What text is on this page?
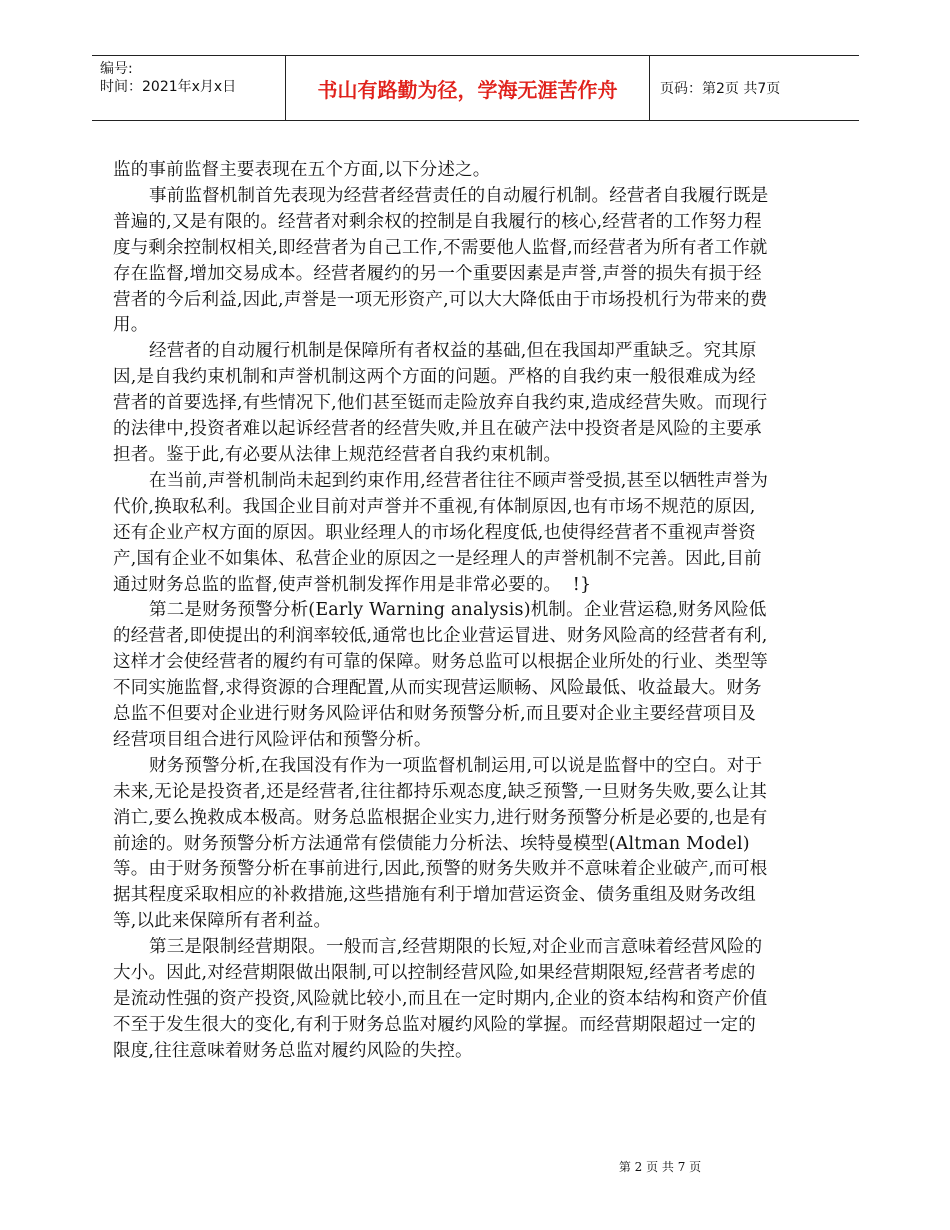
编号:
时间：2021年x月x日	书山有路勤为径，学海无涯苦作舟	页码：第2页 共7页

监的事前监督主要表现在五个方面,以下分述之。

事前监督机制首先表现为经营者经营责任的自动履行机制。经营者自我履行既是普遍的,又是有限的。经营者对剩余权的控制是自我履行的核心,经营者的工作努力程度与剩余控制权相关,即经营者为自己工作,不需要他人监督,而经营者为所有者工作就存在监督,增加交易成本。经营者履约的另一个重要因素是声誉,声誉的损失有损于经营者的今后利益,因此,声誉是一项无形资产,可以大大降低由于市场投机行为带来的费用。

经营者的自动履行机制是保障所有者权益的基础,但在我国却严重缺乏。究其原因,是自我约束机制和声誉机制这两个方面的问题。严格的自我约束一般很难成为经营者的首要选择,有些情况下,他们甚至铤而走险放弃自我约束,造成经营失败。而现行的法律中,投资者难以起诉经营者的经营失败,并且在破产法中投资者是风险的主要承担者。鉴于此,有必要从法律上规范经营者自我约束机制。

在当前,声誉机制尚未起到约束作用,经营者往往不顾声誉受损,甚至以牺牲声誉为代价,换取私利。我国企业目前对声誉并不重视,有体制原因,也有市场不规范的原因,还有企业产权方面的原因。职业经理人的市场化程度低,也使得经营者不重视声誉资产,国有企业不如集体、私营企业的原因之一是经理人的声誉机制不完善。因此,目前通过财务总监的监督,使声誉机制发挥作用是非常必要的。  !}

第二是财务预警分析(Early Warning analysis)机制。企业营运稳,财务风险低的经营者,即使提出的利润率较低,通常也比企业营运冒进、财务风险高的经营者有利,这样才会使经营者的履约有可靠的保障。财务总监可以根据企业所处的行业、类型等不同实施监督,求得资源的合理配置,从而实现营运顺畅、风险最低、收益最大。财务总监不但要对企业进行财务风险评估和财务预警分析,而且要对企业主要经营项目及经营项目组合进行风险评估和预警分析。

财务预警分析,在我国没有作为一项监督机制运用,可以说是监督中的空白。对于未来,无论是投资者,还是经营者,往往都持乐观态度,缺乏预警,一旦财务失败,要么让其消亡,要么挽救成本极高。财务总监根据企业实力,进行财务预警分析是必要的,也是有前途的。财务预警分析方法通常有偿债能力分析法、埃特曼模型(Altman Model)等。由于财务预警分析在事前进行,因此,预警的财务失败并不意味着企业破产,而可根据其程度采取相应的补救措施,这些措施有利于增加营运资金、债务重组及财务改组等,以此来保障所有者利益。

第三是限制经营期限。一般而言,经营期限的长短,对企业而言意味着经营风险的大小。因此,对经营期限做出限制,可以控制经营风险,如果经营期限短,经营者考虑的是流动性强的资产投资,风险就比较小,而且在一定时期内,企业的资本结构和资产价值不至于发生很大的变化,有利于财务总监对履约风险的掌握。而经营期限超过一定的限度,往往意味着财务总监对履约风险的失控。

第 2 页 共 7 页
